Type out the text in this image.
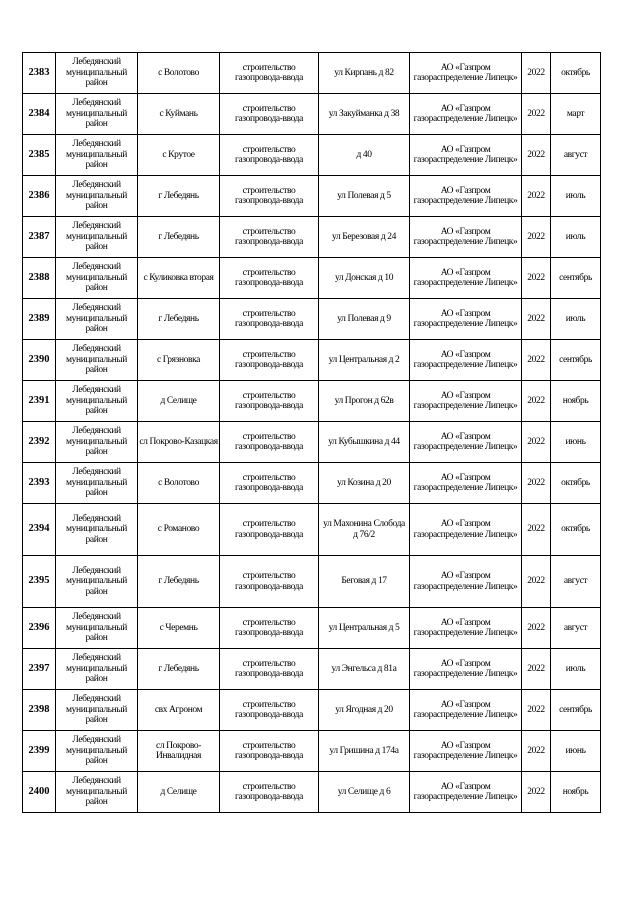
2383	Лебедянский муниципальный район	с Волотово	строительство газопровода-ввода	ул Кирпань д 82	АО «Газпром газораспределение Липецк»	2022	октябрь
2384	Лебедянский муниципальный район	с Куймань	строительство газопровода-ввода	ул Закуйманка д 38	АО «Газпром газораспределение Липецк»	2022	март
2385	Лебедянский муниципальный район	с Крутое	строительство газопровода-ввода	д 40	АО «Газпром газораспределение Липецк»	2022	август
2386	Лебедянский муниципальный район	г Лебедянь	строительство газопровода-ввода	ул Полевая д 5	АО «Газпром газораспределение Липецк»	2022	июль
2387	Лебедянский муниципальный район	г Лебедянь	строительство газопровода-ввода	ул Березовая д 24	АО «Газпром газораспределение Липецк»	2022	июль
2388	Лебедянский муниципальный район	с Куликовка вторая	строительство газопровода-ввода	ул Донская д 10	АО «Газпром газораспределение Липецк»	2022	сентябрь
2389	Лебедянский муниципальный район	г Лебедянь	строительство газопровода-ввода	ул Полевая д 9	АО «Газпром газораспределение Липецк»	2022	июль
2390	Лебедянский муниципальный район	с Грязновка	строительство газопровода-ввода	ул Центральная д 2	АО «Газпром газораспределение Липецк»	2022	сентябрь
2391	Лебедянский муниципальный район	д Селище	строительство газопровода-ввода	ул Прогон д 62в	АО «Газпром газораспределение Липецк»	2022	ноябрь
2392	Лебедянский муниципальный район	сл Покрово-Казацкая	строительство газопровода-ввода	ул Кубышкина д 44	АО «Газпром газораспределение Липецк»	2022	июнь
2393	Лебедянский муниципальный район	с Волотово	строительство газопровода-ввода	ул Козина д 20	АО «Газпром газораспределение Липецк»	2022	октябрь
2394	Лебедянский муниципальный район	с Романово	строительство газопровода-ввода	ул Махонина Слобода д 76/2	АО «Газпром газораспределение Липецк»	2022	октябрь
2395	Лебедянский муниципальный район	г Лебедянь	строительство газопровода-ввода	Беговая д 17	АО «Газпром газораспределение Липецк»	2022	август
2396	Лебедянский муниципальный район	с Черемнь	строительство газопровода-ввода	ул Центральная д 5	АО «Газпром газораспределение Липецк»	2022	август
2397	Лебедянский муниципальный район	г Лебедянь	строительство газопровода-ввода	ул Энгельса д 81а	АО «Газпром газораспределение Липецк»	2022	июль
2398	Лебедянский муниципальный район	свх Агроном	строительство газопровода-ввода	ул Ягодная д 20	АО «Газпром газораспределение Липецк»	2022	сентябрь
2399	Лебедянский муниципальный район	сл Покрово-Инвалидная	строительство газопровода-ввода	ул Гришина д 174а	АО «Газпром газораспределение Липецк»	2022	июнь
2400	Лебедянский муниципальный район	д Селище	строительство газопровода-ввода	ул Селище д 6	АО «Газпром газораспределение Липецк»	2022	ноябрь
